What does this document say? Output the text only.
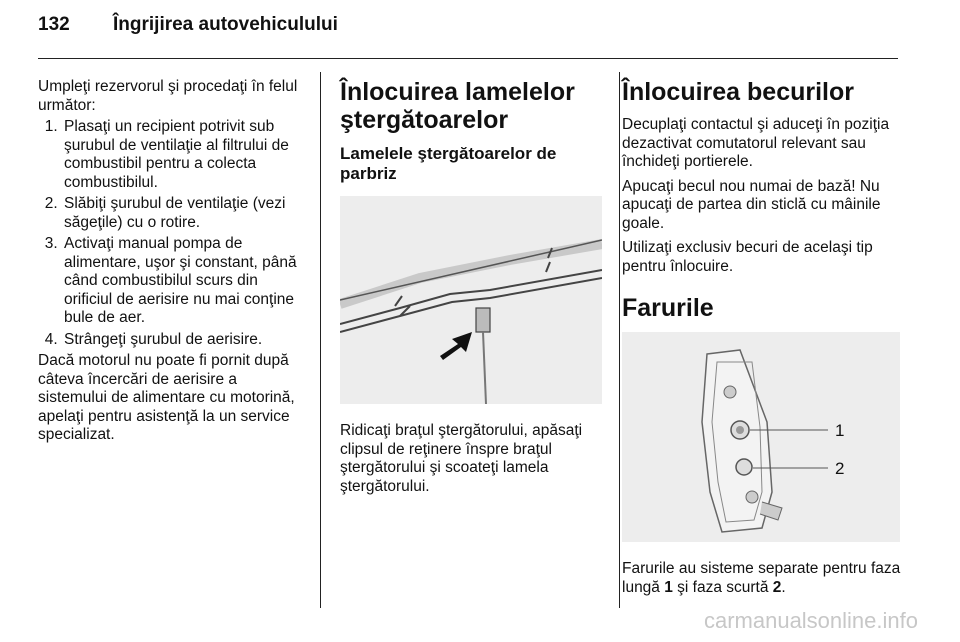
132 Îngrijirea autovehiculului

Umpleţi rezervorul şi procedaţi în felul următor:

1. Plasaţi un recipient potrivit sub şurubul de ventilaţie al filtrului de combustibil pentru a colecta combustibilul.
2. Slăbiţi şurubul de ventilaţie (vezi săgeţile) cu o rotire.
3. Activaţi manual pompa de alimentare, uşor şi constant, până când combustibilul scurs din orificiul de aerisire nu mai conţine bule de aer.
4. Strângeţi şurubul de aerisire.

Dacă motorul nu poate fi pornit după câteva încercări de aerisire a sistemului de alimentare cu motorină, apelaţi pentru asistenţă la un service specializat.

Înlocuirea lamelelor ştergătoarelor
Lamelele ştergătoarelor de parbriz

Ridicaţi braţul ştergătorului, apăsaţi clipsul de reţinere înspre braţul ştergătorului şi scoateţi lamela ştergătorului.

Înlocuirea becurilor

Decuplaţi contactul şi aduceţi în poziţia dezactivat comutatorul relevant sau închideţi portierele.

Apucaţi becul nou numai de bază! Nu apucaţi de partea din sticlă cu mâinile goale.

Utilizaţi exclusiv becuri de acelaşi tip pentru înlocuire.

Farurile
1
2

Farurile au sisteme separate pentru faza lungă 1 şi faza scurtă 2.

carmanualsonline.info
